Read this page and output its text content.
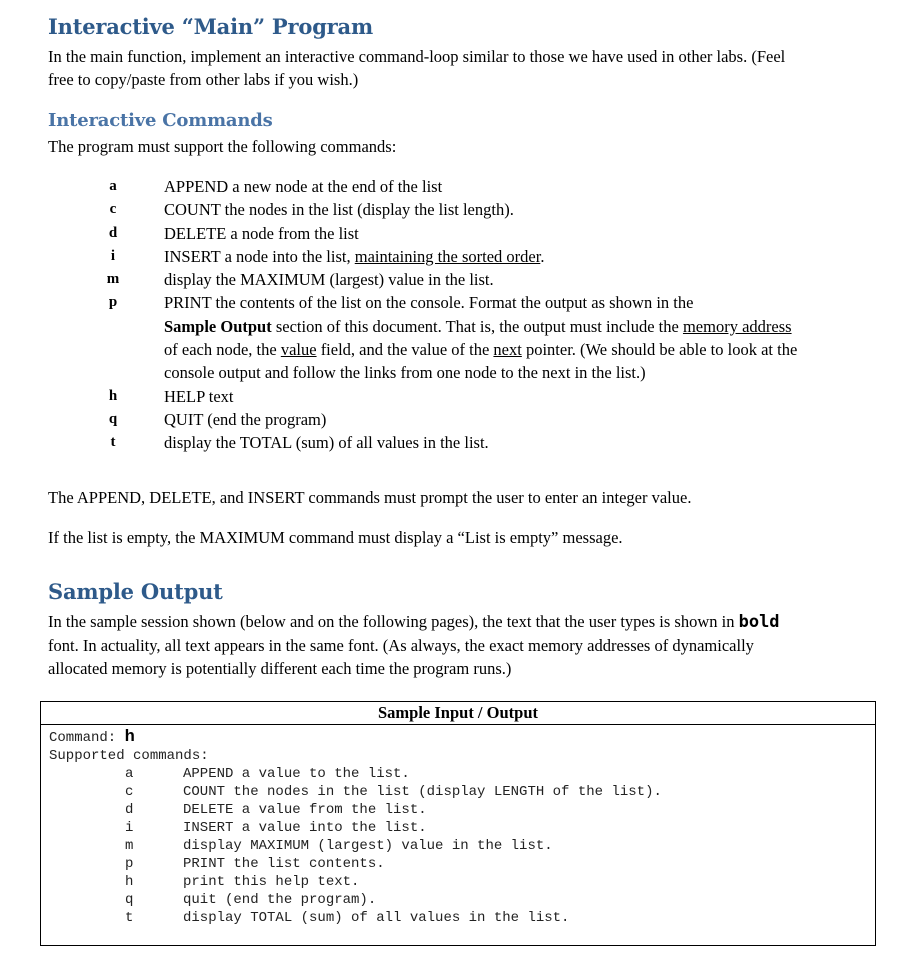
Interactive “Main” Program

In the main function, implement an interactive command-loop similar to those we have used in other labs. (Feel
free to copy/paste from other labs if you wish.)

Interactive Commands

The program must support the following commands:

a	APPEND a new node at the end of the list
c	COUNT the nodes in the list (display the list length).
d	DELETE a node from the list
i	INSERT a node into the list, maintaining the sorted order.
m	display the MAXIMUM (largest) value in the list.
p	PRINT the contents of the list on the console. Format the output as shown in the
Sample Output section of this document. That is, the output must include the memory address
of each node, the value field, and the value of the next pointer. (We should be able to look at the
console output and follow the links from one node to the next in the list.)
h	HELP text
q	QUIT (end the program)
t	display the TOTAL (sum) of all values in the list.

The APPEND, DELETE, and INSERT commands must prompt the user to enter an integer value.

If the list is empty, the MAXIMUM command must display a “List is empty” message.

Sample Output

In the sample session shown (below and on the following pages), the text that the user types is shown in bold
font. In actuality, all text appears in the same font. (As always, the exact memory addresses of dynamically
allocated memory is potentially different each time the program runs.)

Sample Input / Output
Command: h
Supported commands:
a	APPEND a value to the list.
c	COUNT the nodes in the list (display LENGTH of the list).
d	DELETE a value from the list.
i	INSERT a value into the list.
m	display MAXIMUM (largest) value in the list.
p	PRINT the list contents.
h	print this help text.
q	quit (end the program).
t	display TOTAL (sum) of all values in the list.
